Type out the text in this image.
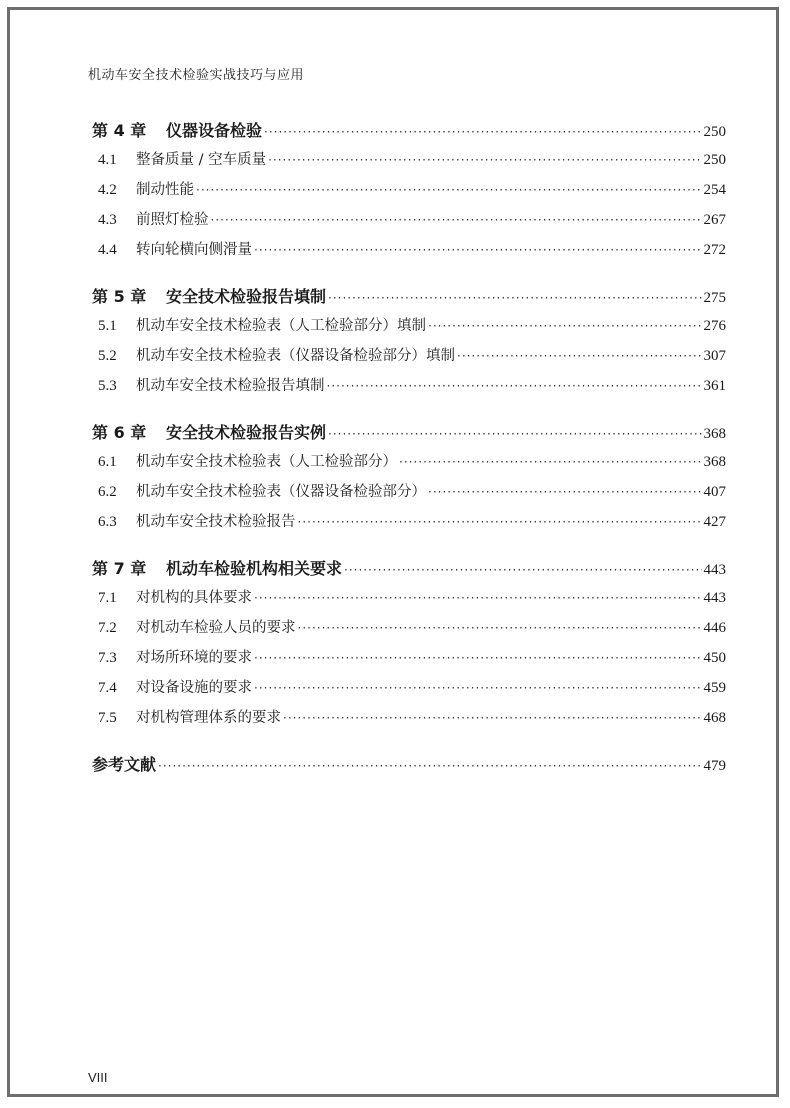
机动车安全技术检验实战技巧与应用
第 4 章	仪器设备检验 ·····	250
4.1	整备质量 / 空车质量 ·····	250
4.2	制动性能 ·····	254
4.3	前照灯检验 ·····	267
4.4	转向轮横向侧滑量 ·····	272
第 5 章	安全技术检验报告填制 ·····	275
5.1	机动车安全技术检验表（人工检验部分）填制 ·····	276
5.2	机动车安全技术检验表（仪器设备检验部分）填制 ·····	307
5.3	机动车安全技术检验报告填制 ·····	361
第 6 章	安全技术检验报告实例 ·····	368
6.1	机动车安全技术检验表（人工检验部分） ·····	368
6.2	机动车安全技术检验表（仪器设备检验部分） ·····	407
6.3	机动车安全技术检验报告 ·····	427
第 7 章	机动车检验机构相关要求 ·····	443
7.1	对机构的具体要求 ·····	443
7.2	对机动车检验人员的要求 ·····	446
7.3	对场所环境的要求 ·····	450
7.4	对设备设施的要求 ·····	459
7.5	对机构管理体系的要求 ·····	468
参考文献 ·····	479
VIII
